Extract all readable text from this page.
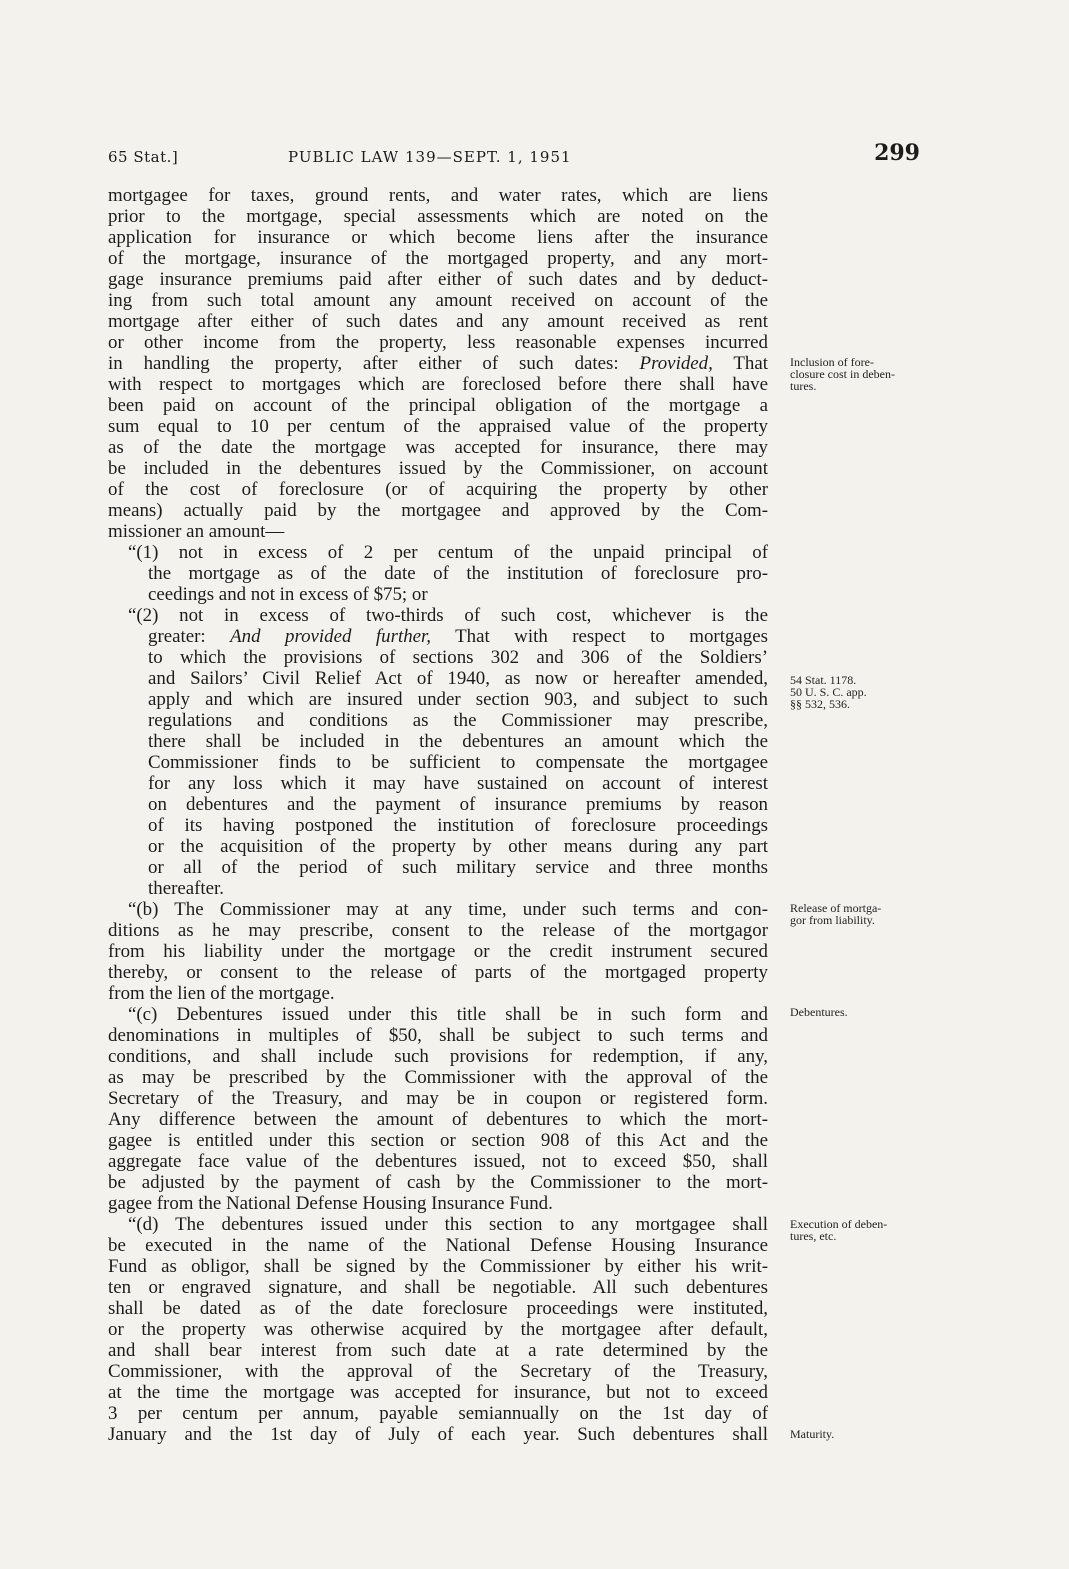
65 Stat.]	PUBLIC LAW 139—SEPT. 1, 1951	299
mortgagee for taxes, ground rents, and water rates, which are liens
prior to the mortgage, special assessments which are noted on the
application for insurance or which become liens after the insurance
of the mortgage, insurance of the mortgaged property, and any mort-
gage insurance premiums paid after either of such dates and by deduct-
ing from such total amount any amount received on account of the
mortgage after either of such dates and any amount received as rent
or other income from the property, less reasonable expenses incurred
in handling the property, after either of such dates: Provided, That
with respect to mortgages which are foreclosed before there shall have
been paid on account of the principal obligation of the mortgage a
sum equal to 10 per centum of the appraised value of the property
as of the date the mortgage was accepted for insurance, there may
be included in the debentures issued by the Commissioner, on account
of the cost of foreclosure (or of acquiring the property by other
means) actually paid by the mortgagee and approved by the Com-
missioner an amount—
“(1) not in excess of 2 per centum of the unpaid principal of
the mortgage as of the date of the institution of foreclosure pro-
ceedings and not in excess of $75; or
“(2) not in excess of two-thirds of such cost, whichever is the
greater: And provided further, That with respect to mortgages
to which the provisions of sections 302 and 306 of the Soldiers’
and Sailors’ Civil Relief Act of 1940, as now or hereafter amended,
apply and which are insured under section 903, and subject to such
regulations and conditions as the Commissioner may prescribe,
there shall be included in the debentures an amount which the
Commissioner finds to be sufficient to compensate the mortgagee
for any loss which it may have sustained on account of interest
on debentures and the payment of insurance premiums by reason
of its having postponed the institution of foreclosure proceedings
or the acquisition of the property by other means during any part
or all of the period of such military service and three months
thereafter.
“(b) The Commissioner may at any time, under such terms and con-
ditions as he may prescribe, consent to the release of the mortgagor
from his liability under the mortgage or the credit instrument secured
thereby, or consent to the release of parts of the mortgaged property
from the lien of the mortgage.
“(c) Debentures issued under this title shall be in such form and
denominations in multiples of $50, shall be subject to such terms and
conditions, and shall include such provisions for redemption, if any,
as may be prescribed by the Commissioner with the approval of the
Secretary of the Treasury, and may be in coupon or registered form.
Any difference between the amount of debentures to which the mort-
gagee is entitled under this section or section 908 of this Act and the
aggregate face value of the debentures issued, not to exceed $50, shall
be adjusted by the payment of cash by the Commissioner to the mort-
gagee from the National Defense Housing Insurance Fund.
“(d) The debentures issued under this section to any mortgagee shall
be executed in the name of the National Defense Housing Insurance
Fund as obligor, shall be signed by the Commissioner by either his writ-
ten or engraved signature, and shall be negotiable. All such debentures
shall be dated as of the date foreclosure proceedings were instituted,
or the property was otherwise acquired by the mortgagee after default,
and shall bear interest from such date at a rate determined by the
Commissioner, with the approval of the Secretary of the Treasury,
at the time the mortgage was accepted for insurance, but not to exceed
3 per centum per annum, payable semiannually on the 1st day of
January and the 1st day of July of each year. Such debentures shall
Inclusion of fore-
closure cost in deben-
tures.
54 Stat. 1178.
50 U. S. C. app.
§§ 532, 536.
Release of mortga-
gor from liability.
Debentures.
Execution of deben-
tures, etc.
Maturity.
